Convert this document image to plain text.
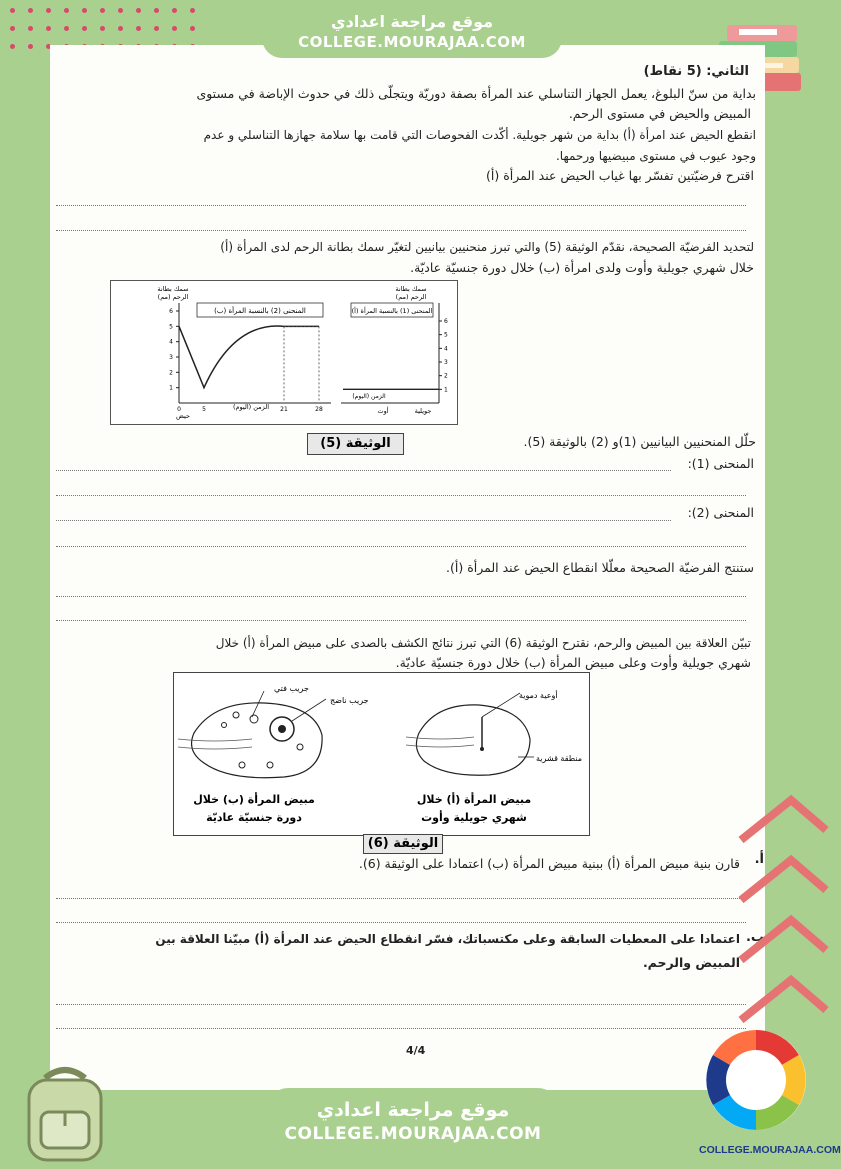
موقع مراجعة اعدادي
COLLEGE.MOURAJAA.COM
الثاني: (5 نقاط)
بداية من سنّ البلوغ، يعمل الجهاز التناسلي عند المرأة بصفة دوريّة ويتجلّى ذلك في حدوث الإباضة في مستوى
المبيض والحيض في مستوى الرحم.
انقطع الحيض عند امرأة (أ) بداية من شهر جويلية. أكّدت الفحوصات التي قامت بها سلامة جهازها التناسلي و عدم
وجود عيوب في مستوى مبيضيها ورحمها.
اقترح فرضيّتين تفسّر بها غياب الحيض عند المرأة (أ)
لتحديد الفرضيّة الصحيحة، نقدّم الوثيقة (5) والتي تبرز منحنيين بيانيين لتغيّر سمك بطانة الرحم لدى المرأة (أ)
خلال شهري جويلية وأوت ولدى امرأة (ب) خلال دورة جنسيّة عاديّة.
سمك بطانة
الرحم (مم)
المنحنى (2) بالنسبة المرأة (ب)
1
2
3
4
5
6
0	5	21	28
الزمن (اليوم)
حيض
سمك بطانة
الرحم (مم)
المنحنى (1) بالنسبة المرأة (أ)
1
2
3
4
5
6
الزمن (اليوم)
جويلية
أوت
الوثيقة (5)	حلّل المنحنيين البيانيين (1)و (2) بالوثيقة (5).
المنحنى (1):
المنحنى (2):
ستنتج الفرضيّة الصحيحة معلّلا انقطاع الحيض عند المرأة (أ).
تبيّن العلاقة بين المبيض والرحم، نقترح الوثيقة (6) التي تبرز نتائج الكشف بالصدى على مبيض المرأة (أ) خلال
شهري جويلية وأوت وعلى مبيض المرأة (ب) خلال دورة جنسيّة عاديّة.
جريب فتي
جريب ناضج
مبيض المرأة (ب) خلال
دورة جنسيّة عاديّة
أوعية دموية
منطقة قشرية
مبيض المرأة (أ) خلال
شهري جويلية وأوت
الوثيقة (6)
أ.
قارن بنية مبيض المرأة (أ) ببنية مبيض المرأة (ب) اعتمادا على الوثيقة (6).
ب.
اعتمادا على المعطيات السابقة وعلى مكتسباتك، فسّر انقطاع الحيض عند المرأة (أ) مبيّنا العلاقة بين
المبيض والرحم.
4/4
موقع مراجعة اعدادي
COLLEGE.MOURAJAA.COM
COLLEGE.MOURAJAA.COM
